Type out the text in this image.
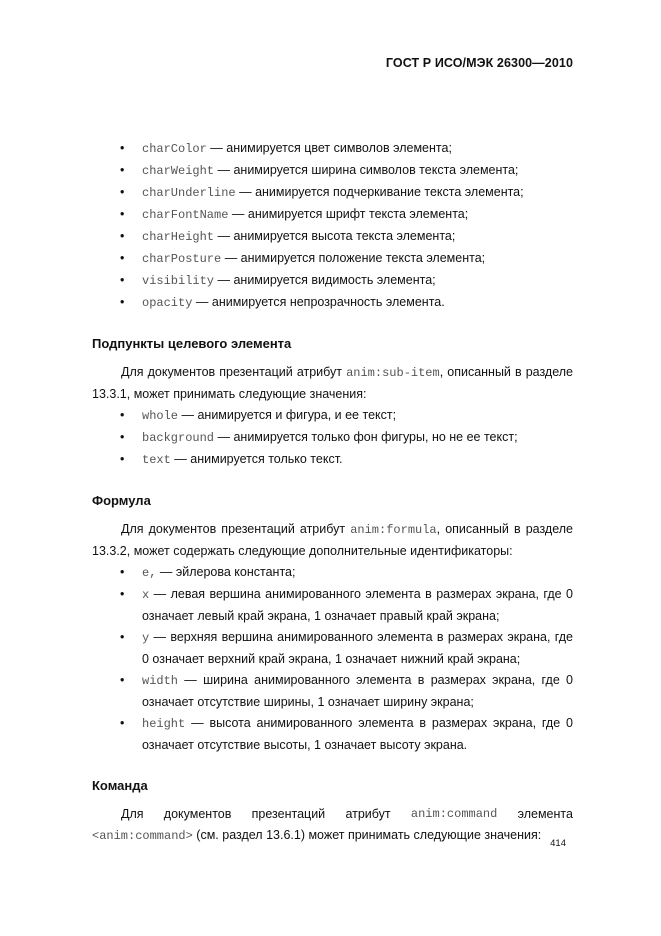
ГОСТ Р ИСО/МЭК 26300—2010
• charColor — анимируется цвет символов элемента;
• charWeight — анимируется ширина символов текста элемента;
• charUnderline — анимируется подчеркивание текста элемента;
• charFontName — анимируется шрифт текста элемента;
• charHeight — анимируется высота текста элемента;
• charPosture — анимируется положение текста элемента;
• visibility — анимируется видимость элемента;
• opacity — анимируется непрозрачность элемента.
Подпункты целевого элемента
Для документов презентаций атрибут anim:sub-item, описанный в разделе 13.3.1, может принимать следующие значения:
• whole — анимируется и фигура, и ее текст;
• background — анимируется только фон фигуры, но не ее текст;
• text — анимируется только текст.
Формула
Для документов презентаций атрибут anim:formula, описанный в разделе 13.3.2, может содержать следующие дополнительные идентификаторы:
• e, — эйлерова константа;
• x — левая вершина анимированного элемента в размерах экрана, где 0 означает левый край экрана, 1 означает правый край экрана;
• y — верхняя вершина анимированного элемента в размерах экрана, где 0 означает верхний край экрана, 1 означает нижний край экрана;
• width — ширина анимированного элемента в размерах экрана, где 0 означает отсутствие ширины, 1 означает ширину экрана;
• height — высота анимированного элемента в размерах экрана, где 0 означает отсутствие высоты, 1 означает высоту экрана.
Команда
Для документов презентаций атрибут anim:command элемента
<anim:command> (см. раздел 13.6.1) может принимать следующие значения:
414
